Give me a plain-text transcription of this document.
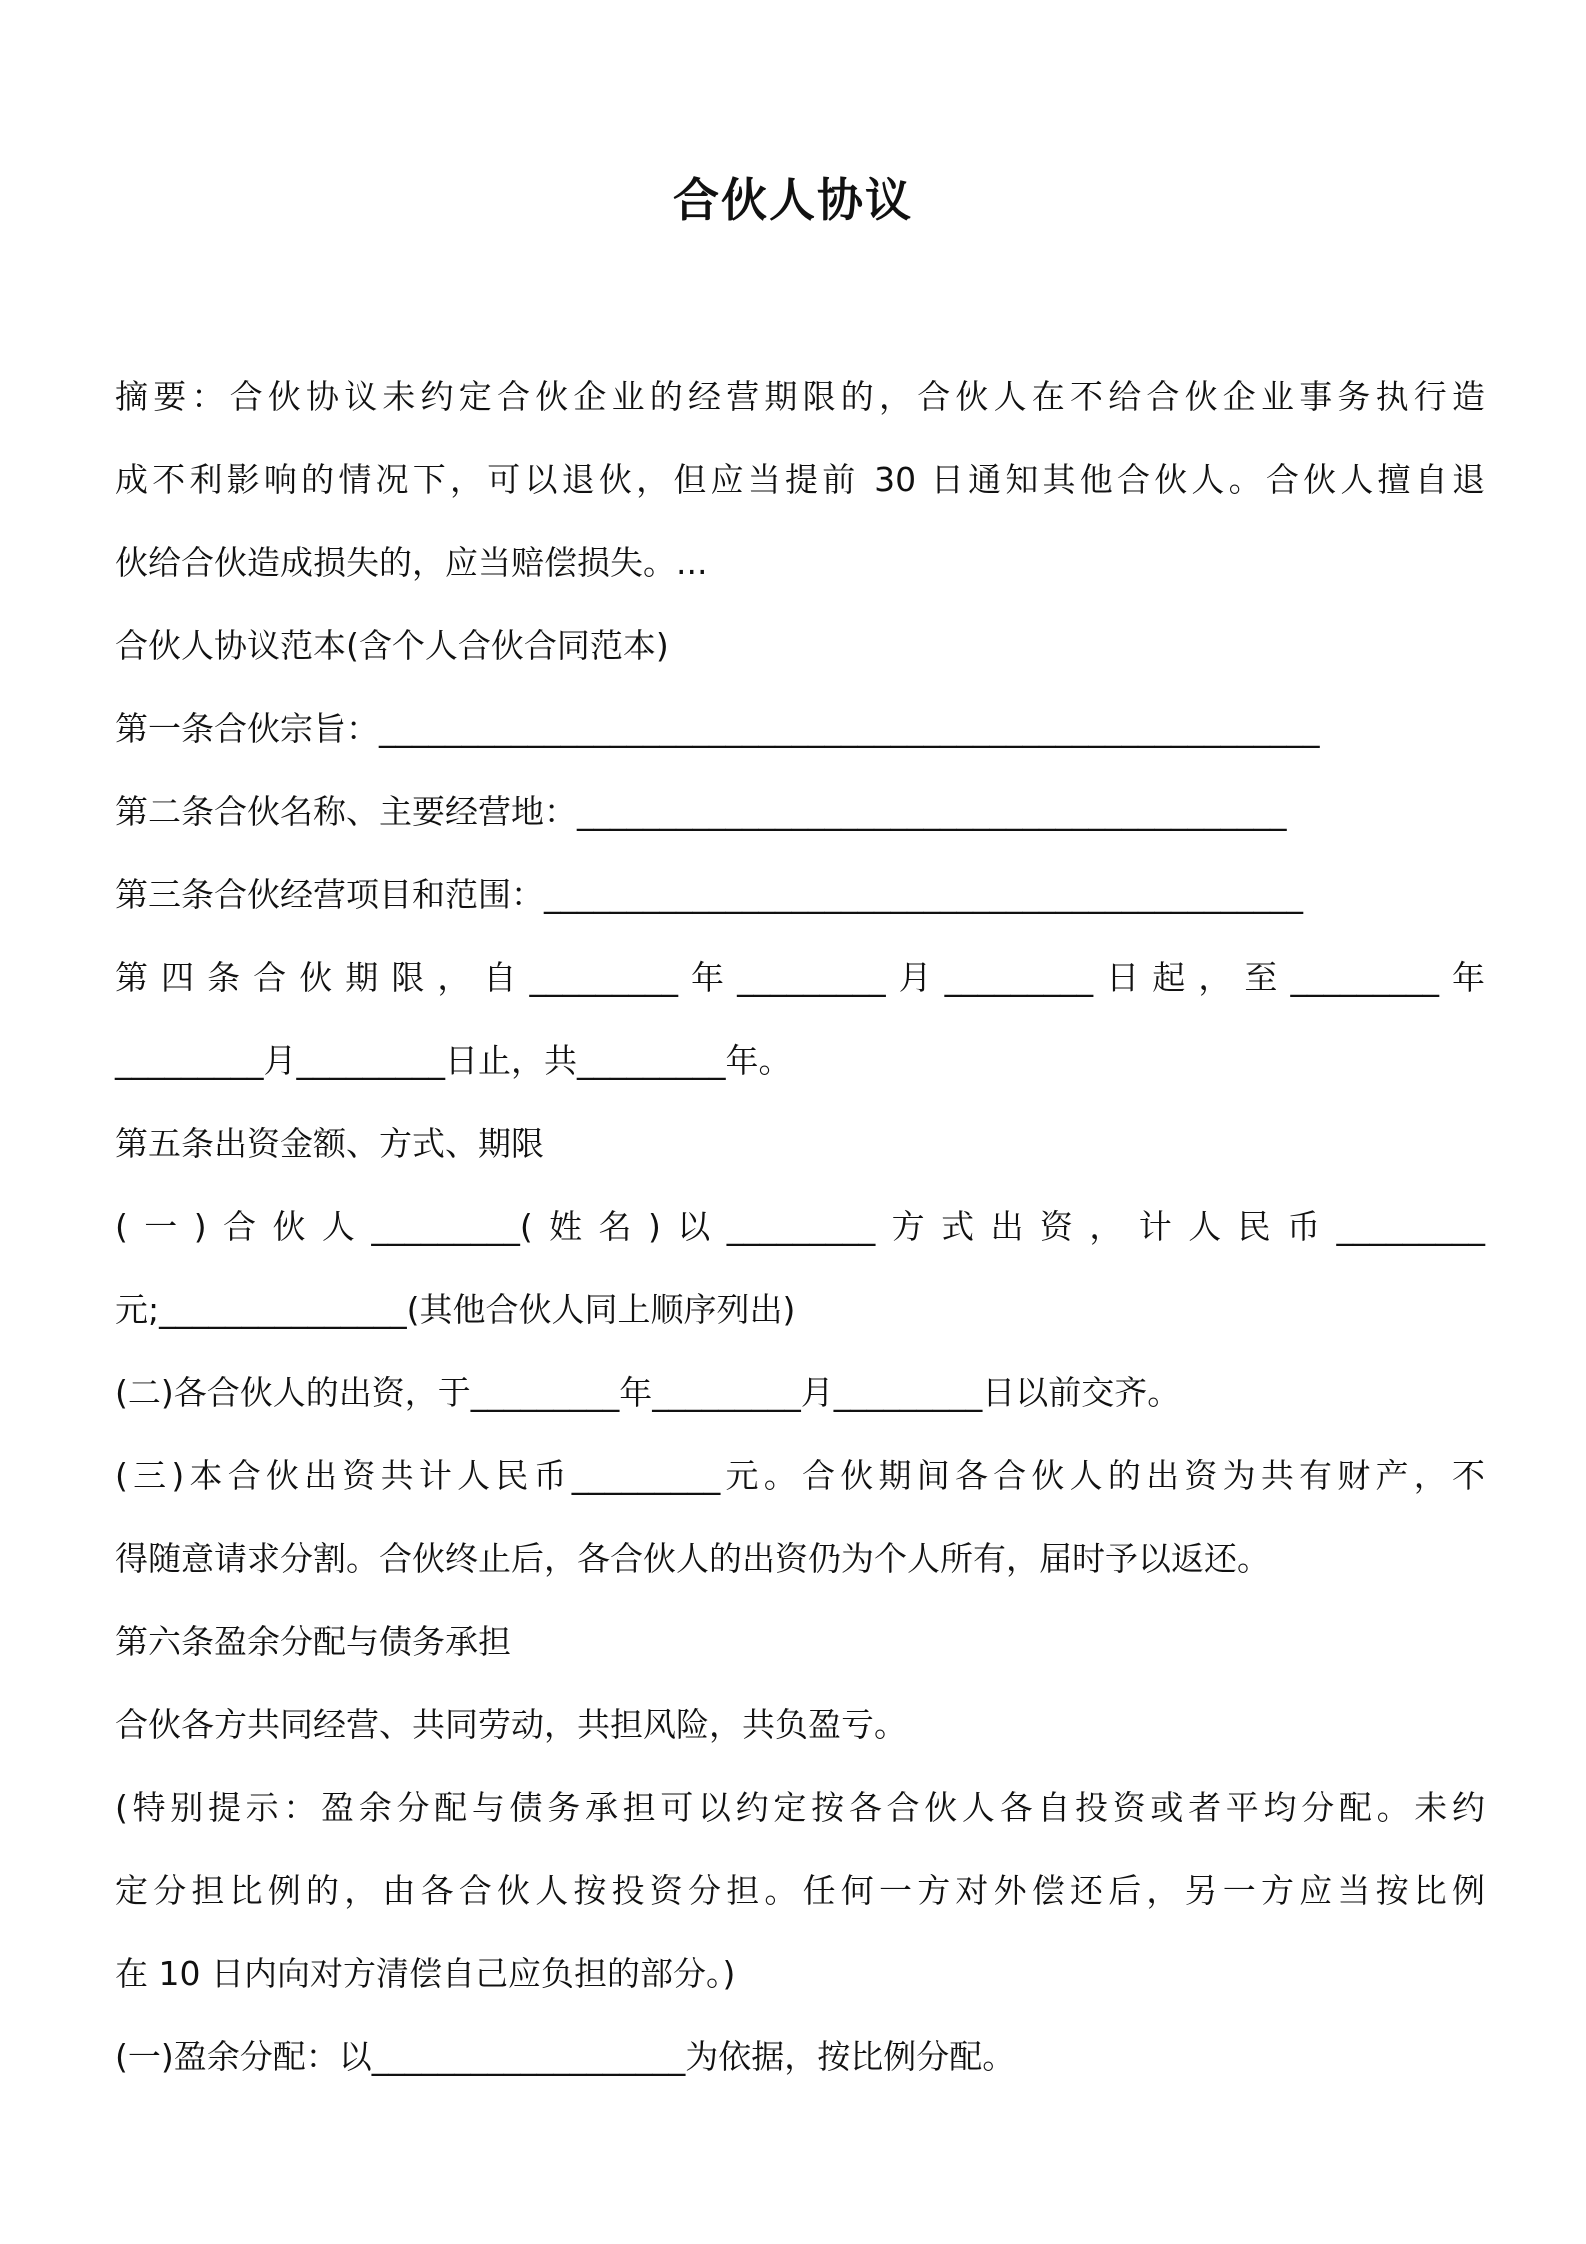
合伙人协议
摘要：合伙协议未约定合伙企业的经营期限的，合伙人在不给合伙企业事务执行造
成不利影响的情况下，可以退伙，但应当提前 30 日通知其他合伙人。合伙人擅自退
伙给合伙造成损失的，应当赔偿损失。...
合伙人协议范本(含个人合伙合同范本)
第一条合伙宗旨：_________________________________________________________
第二条合伙名称、主要经营地：___________________________________________
第三条合伙经营项目和范围：______________________________________________
第四条合伙期限，自_________年_________月_________日起，至_________年
_________月_________日止，共_________年。
第五条出资金额、方式、期限
(一)合伙人_________(姓名)以_________方式出资，计人民币_________
元;_______________(其他合伙人同上顺序列出)
(二)各合伙人的出资，于_________年_________月_________日以前交齐。
(三)本合伙出资共计人民币_________元。合伙期间各合伙人的出资为共有财产，不
得随意请求分割。合伙终止后，各合伙人的出资仍为个人所有，届时予以返还。
第六条盈余分配与债务承担
合伙各方共同经营、共同劳动，共担风险，共负盈亏。
(特别提示：盈余分配与债务承担可以约定按各合伙人各自投资或者平均分配。未约
定分担比例的，由各合伙人按投资分担。任何一方对外偿还后，另一方应当按比例
在 10 日内向对方清偿自己应负担的部分。)
(一)盈余分配：以___________________为依据，按比例分配。
